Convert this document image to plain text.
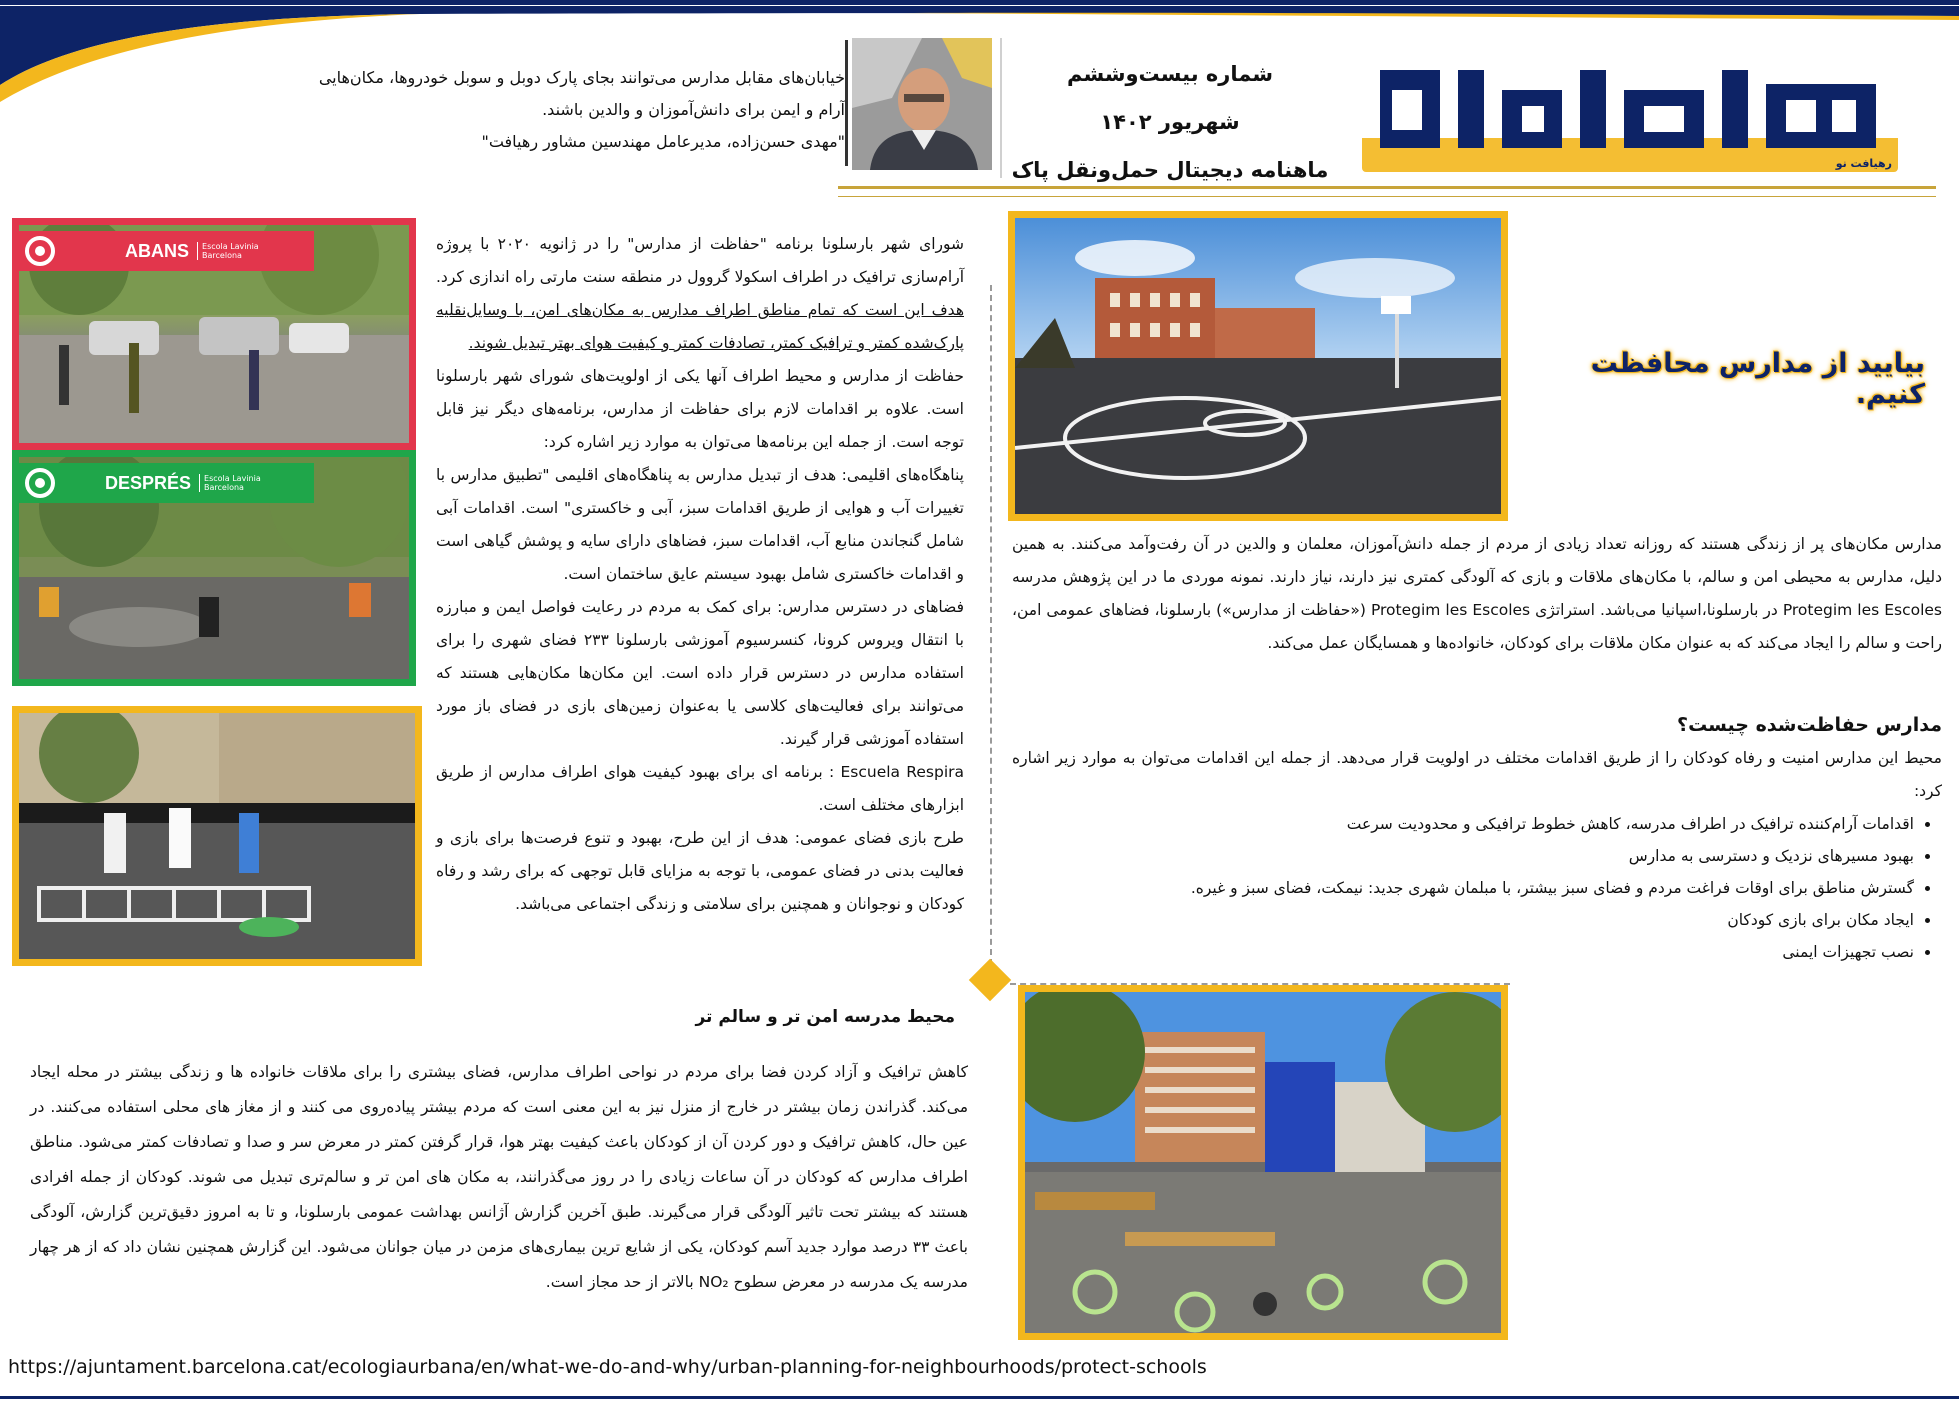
خیابان‌های مقابل مدارس می‌توانند بجای پارک دوبل و سوبل خودروها، مکان‌هایی
آرام و ایمن برای دانش‌آموزان و والدین باشند.
"مهدی حسن‌زاده، مدیرعامل مهندسین مشاور رهیافت"
شماره بیست‌وششم
شهریور ۱۴۰۲
ماهنامه دیجیتال حمل‌ونقل پاک	رهیافت نو
ABANS	Escola Lavinia Barcelona
DESPRÉS	Escola Lavinia Barcelona

شورای شهر بارسلونا برنامه "حفاظت از مدارس" را در ژانویه ۲۰۲۰ با پروژه آرام‌سازی ترافیک در اطراف اسکولا گروول در منطقه سنت مارتی راه اندازی کرد. هدف این است که تمام مناطق اطراف مدارس به مکان‌های امن، با وسایل‌نقلیه پارک‌شده کمتر و ترافیک کمتر، تصادفات کمتر و کیفیت هوای بهتر تبدیل شوند.

حفاظت از مدارس و محیط اطراف آنها یکی از اولویت‌های شورای شهر بارسلونا است. علاوه بر اقدامات لازم برای حفاظت از مدارس، برنامه‌های دیگر نیز قابل توجه است. از جمله این برنامه‌ها می‌توان به موارد زیر اشاره کرد:

پناهگاه‌های اقلیمی: هدف از تبدیل مدارس به پناهگاه‌های اقلیمی "تطبیق مدارس با تغییرات آب و هوایی از طریق اقدامات سبز، آبی و خاکستری" است. اقدامات آبی شامل گنجاندن منابع آب، اقدامات سبز، فضاهای دارای سایه و پوشش گیاهی است و اقدامات خاکستری شامل بهبود سیستم عایق ساختمان است.

فضاهای در دسترس مدارس: برای کمک به مردم در رعایت فواصل ایمن و مبارزه با انتقال ویروس کرونا، کنسرسیوم آموزشی بارسلونا ۲۳۳ فضای شهری را برای استفاده مدارس در دسترس قرار داده است. این مکان‌ها مکان‌هایی هستند که می‌توانند برای فعالیت‌های کلاسی یا به‌عنوان زمین‌های بازی در فضای باز مورد استفاده آموزشی قرار گیرند.

Escuela Respira : برنامه ای برای بهبود کیفیت هوای اطراف مدارس از طریق ابزارهای مختلف است.

طرح بازی فضای عمومی: هدف از این طرح، بهبود و تنوع فرصت‌ها برای بازی و فعالیت بدنی در فضای عمومی، با توجه به مزایای قابل توجهی که برای رشد و رفاه کودکان و نوجوانان و همچنین برای سلامتی و زندگی اجتماعی می‌باشد.

بیایید از مدارس محافظت کنیم.

مدارس مکان‌های پر از زندگی هستند که روزانه تعداد زیادی از مردم از جمله دانش‌آموزان، معلمان و والدین در آن رفت‌وآمد می‌کنند. به همین دلیل، مدارس به محیطی امن و سالم، با مکان‌های ملاقات و بازی که آلودگی کمتری نیز دارند، نیاز دارند. نمونه موردی ما در این پژوهش مدرسه Protegim les Escoles در بارسلونا،اسپانیا می‌باشد. استراتژی Protegim les Escoles («حفاظت از مدارس») بارسلونا، فضاهای عمومی امن، راحت و سالم را ایجاد می‌کند که به عنوان مکان ملاقات برای کودکان، خانواده‌ها و همسایگان عمل می‌کند.

مدارس حفاظت‌شده چیست؟

محیط این مدارس امنیت و رفاه کودکان را از طریق اقدامات مختلف در اولویت قرار می‌دهد. از جمله این اقدامات می‌توان به موارد زیر اشاره کرد:

• اقدامات آرام‌کننده ترافیک در اطراف مدرسه، کاهش خطوط ترافیکی و محدودیت سرعت
• بهبود مسیرهای نزدیک و دسترسی به مدارس
• گسترش مناطق برای اوقات فراغت مردم و فضای سبز بیشتر، با مبلمان شهری جدید: نیمکت، فضای سبز و غیره.
• ایجاد مکان برای بازی کودکان
• نصب تجهیزات ایمنی
محیط مدرسه امن تر و سالم تر

کاهش ترافیک و آزاد کردن فضا برای مردم در نواحی اطراف مدارس، فضای بیشتری را برای ملاقات خانواده ها و زندگی بیشتر در محله ایجاد می‌کند. گذراندن زمان بیشتر در خارج از منزل نیز به این معنی است که مردم بیشتر پیاده‌روی می کنند و از مغاز های محلی استفاده می‌کنند. در عین حال، کاهش ترافیک و دور کردن آن از کودکان باعث کیفیت بهتر هوا، قرار گرفتن کمتر در معرض سر و صدا و تصادفات کمتر می‌شود. مناطق اطراف مدارس که کودکان در آن ساعات زیادی را در روز می‌گذرانند، به مکان های امن تر و سالم‌تری تبدیل می شوند. کودکان از جمله افرادی هستند که بیشتر تحت تاثیر آلودگی قرار می‌گیرند. طبق آخرین گزارش آژانس بهداشت عمومی بارسلونا، و تا به امروز دقیق‌ترین گزارش، آلودگی باعث ۳۳ درصد موارد جدید آسم کودکان، یکی از شایع ترین بیماری‌های مزمن در میان جوانان می‌شود. این گزارش همچنین نشان داد که از هر چهار مدرسه یک مدرسه در معرض سطوح NO₂ بالاتر از حد مجاز است.

https://ajuntament.barcelona.cat/ecologiaurbana/en/what-we-do-and-why/urban-planning-for-neighbourhoods/protect-schools
